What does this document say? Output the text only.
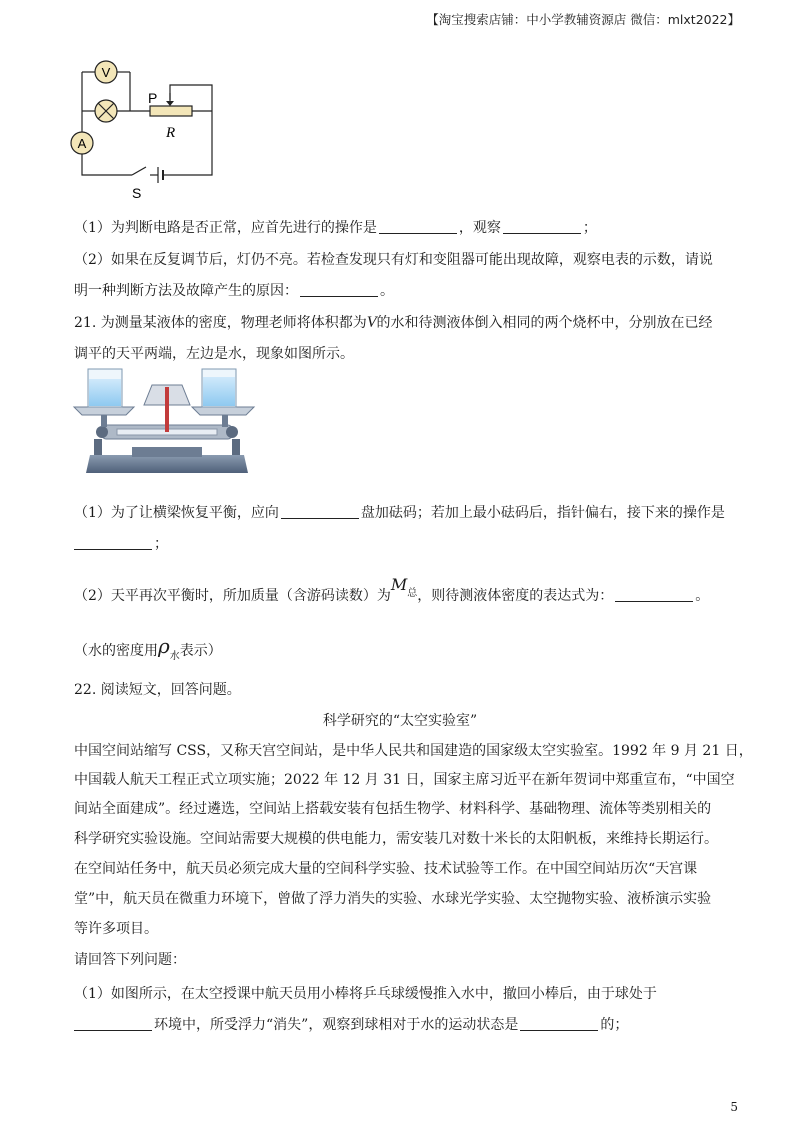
【淘宝搜索店铺：中小学教辅资源店 微信：mlxt2022】
V
A
P
R
S
（1）为判断电路是否正常，应首先进行的操作是	，观察	；
（2）如果在反复调节后，灯仍不亮。若检查发现只有灯和变阻器可能出现故障，观察电表的示数，请说
明一种判断方法及故障产生的原因：	。
21. 为测量某液体的密度，物理老师将体积都为V的水和待测液体倒入相同的两个烧杯中，分别放在已经
调平的天平两端，左边是水，现象如图所示。
（1）为了让横梁恢复平衡，应向	盘加砝码；若加上最小砝码后，指针偏右，接下来的操作是
；
（2）天平再次平衡时，所加质量（含游码读数）为$M^总$，则待测液体密度的表达式为：	。
（水的密度用$\rho_水$表示）
22. 阅读短文，回答问题。
科学研究的“太空实验室”
中国空间站缩写 CSS，又称天宫空间站，是中华人民共和国建造的国家级太空实验室。1992 年 9 月 21 日，
中国载人航天工程正式立项实施；2022 年 12 月 31 日，国家主席习近平在新年贺词中郑重宣布，“中国空
间站全面建成”。经过遴选，空间站上搭载安装有包括生物学、材料科学、基础物理、流体等类别相关的
科学研究实验设施。空间站需要大规模的供电能力，需安装几对数十米长的太阳帆板，来维持长期运行。
在空间站任务中，航天员必须完成大量的空间科学实验、技术试验等工作。在中国空间站历次“天宫课
堂”中，航天员在微重力环境下，曾做了浮力消失的实验、水球光学实验、太空抛物实验、液桥演示实验
等许多项目。
请回答下列问题：
（1）如图所示，在太空授课中航天员用小棒将乒乓球缓慢推入水中，撤回小棒后，由于球处于
环境中，所受浮力“消失”，观察到球相对于水的运动状态是	的；
5
